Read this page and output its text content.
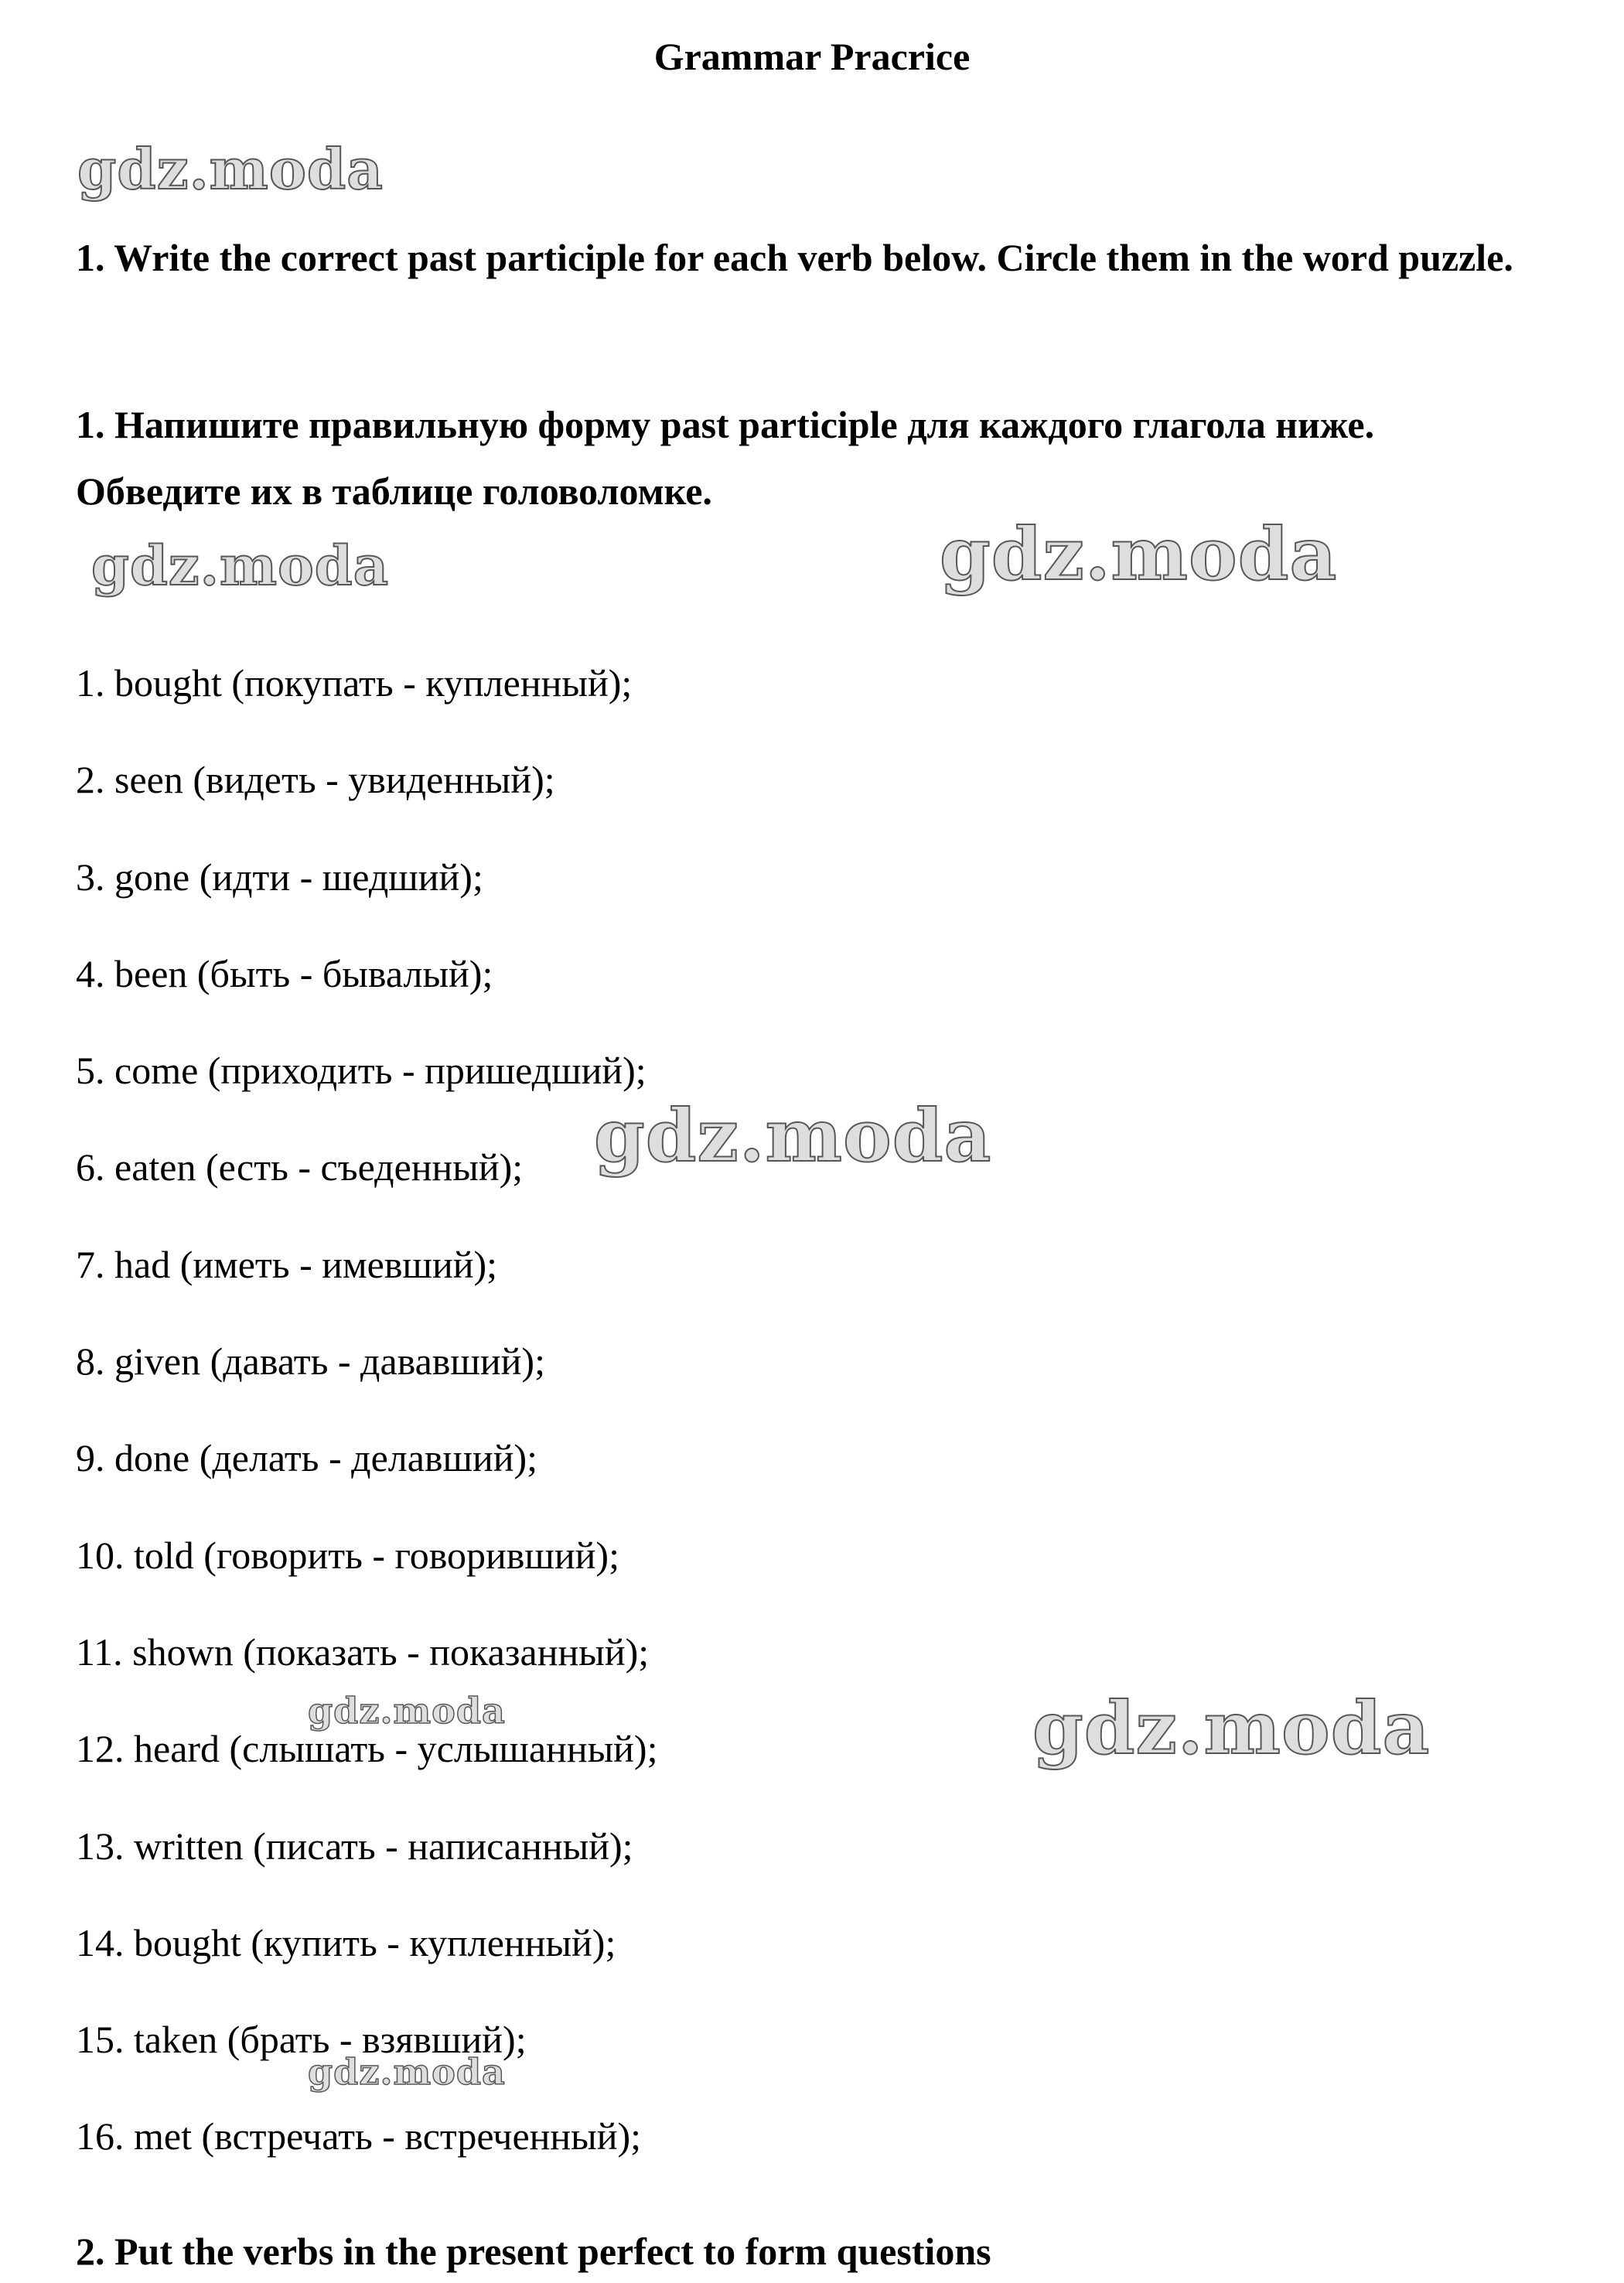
Grammar Pracrice
1. Write the correct past participle for each verb below. Circle them in the word puzzle.
1. Напишите правильную форму past participle для каждого глагола ниже. Обведите их в таблице головоломке.
1. bought (покупать - купленный);
2. seen (видеть - увиденный);
3. gone (идти - шедший);
4. been (быть - бывалый);
5. come (приходить - пришедший);
6. eaten (есть - съеденный);
7. had (иметь - имевший);
8. given (давать - дававший);
9. done (делать - делавший);
10. told (говорить - говоривший);
11. shown (показать - показанный);
12. heard (слышать - услышанный);
13. written (писать - написанный);
14. bought (купить - купленный);
15. taken (брать - взявший);
16. met (встречать - встреченный);
2. Put the verbs in the present perfect to form questions
gdz.moda
gdz.moda	gdz.moda
gdz.moda
gdz.moda
gdz.moda
gdz.moda
